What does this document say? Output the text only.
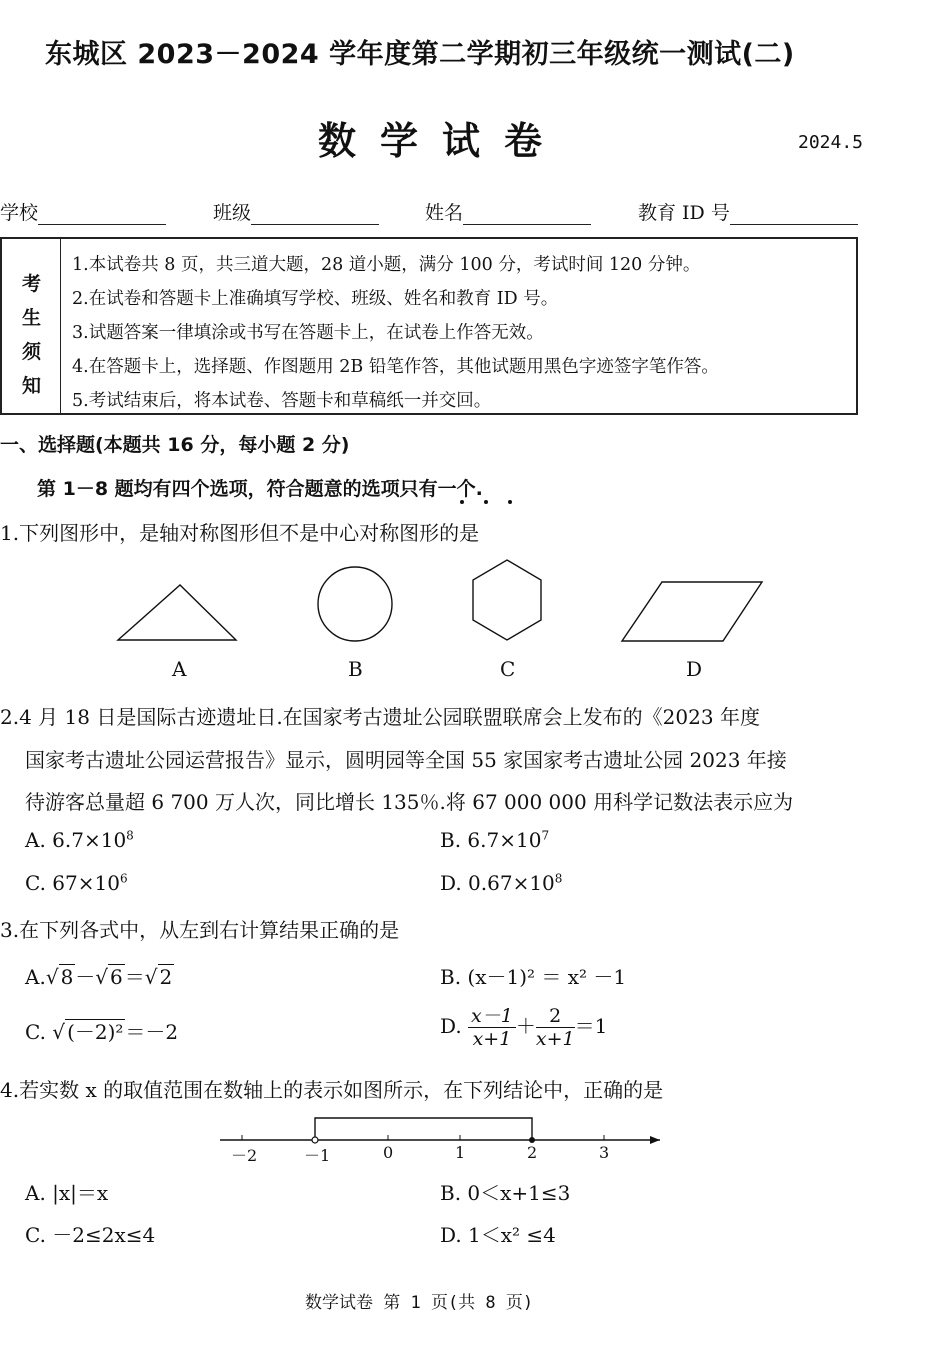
东城区 2023－2024 学年度第二学期初三年级统一测试(二)
数学试卷	2024.5
学校	班级	姓名	教育 ID 号
考
生
须
知
1.本试卷共 8 页，共三道大题，28 道小题，满分 100 分，考试时间 120 分钟。
2.在试卷和答题卡上准确填写学校、班级、姓名和教育 ID 号。
3.试题答案一律填涂或书写在答题卡上，在试卷上作答无效。
4.在答题卡上，选择题、作图题用 2B 铅笔作答，其他试题用黑色字迹签字笔作答。
5.考试结束后，将本试卷、答题卡和草稿纸一并交回。
一、选择题(本题共 16 分，每小题 2 分)
第 1－8 题均有四个选项，符合题意的选项只有一个.
1.下列图形中，是轴对称图形但不是中心对称图形的是
A	B	C	D
2.4 月 18 日是国际古迹遗址日.在国家考古遗址公园联盟联席会上发布的《2023 年度
国家考古遗址公园运营报告》显示，圆明园等全国 55 家国家考古遗址公园 2023 年接
待游客总量超 6 700 万人次，同比增长 135％.将 67 000 000 用科学记数法表示应为
A. $6.7\times 10^8$	B. $6.7\times 10^7$
C. $67\times 10^6$	D. $0.67\times 10^8$
3.在下列各式中，从左到右计算结果正确的是
A.√ 8 －√ 6 ＝√ 2	B. (x－1)² ＝ x² －1
C. √ (－2)² ＝－2	D. $\frac{x-1}{x+1} + \frac{2}{x+1} =1$
4.若实数 x 的取值范围在数轴上的表示如图所示，在下列结论中，正确的是
－2	－1	0	1	2	3
A. |x|＝x	B. 0＜x+1≤3
C. －2≤2x≤4	D. 1＜x² ≤4
数学试卷 第 1 页(共 8 页)
